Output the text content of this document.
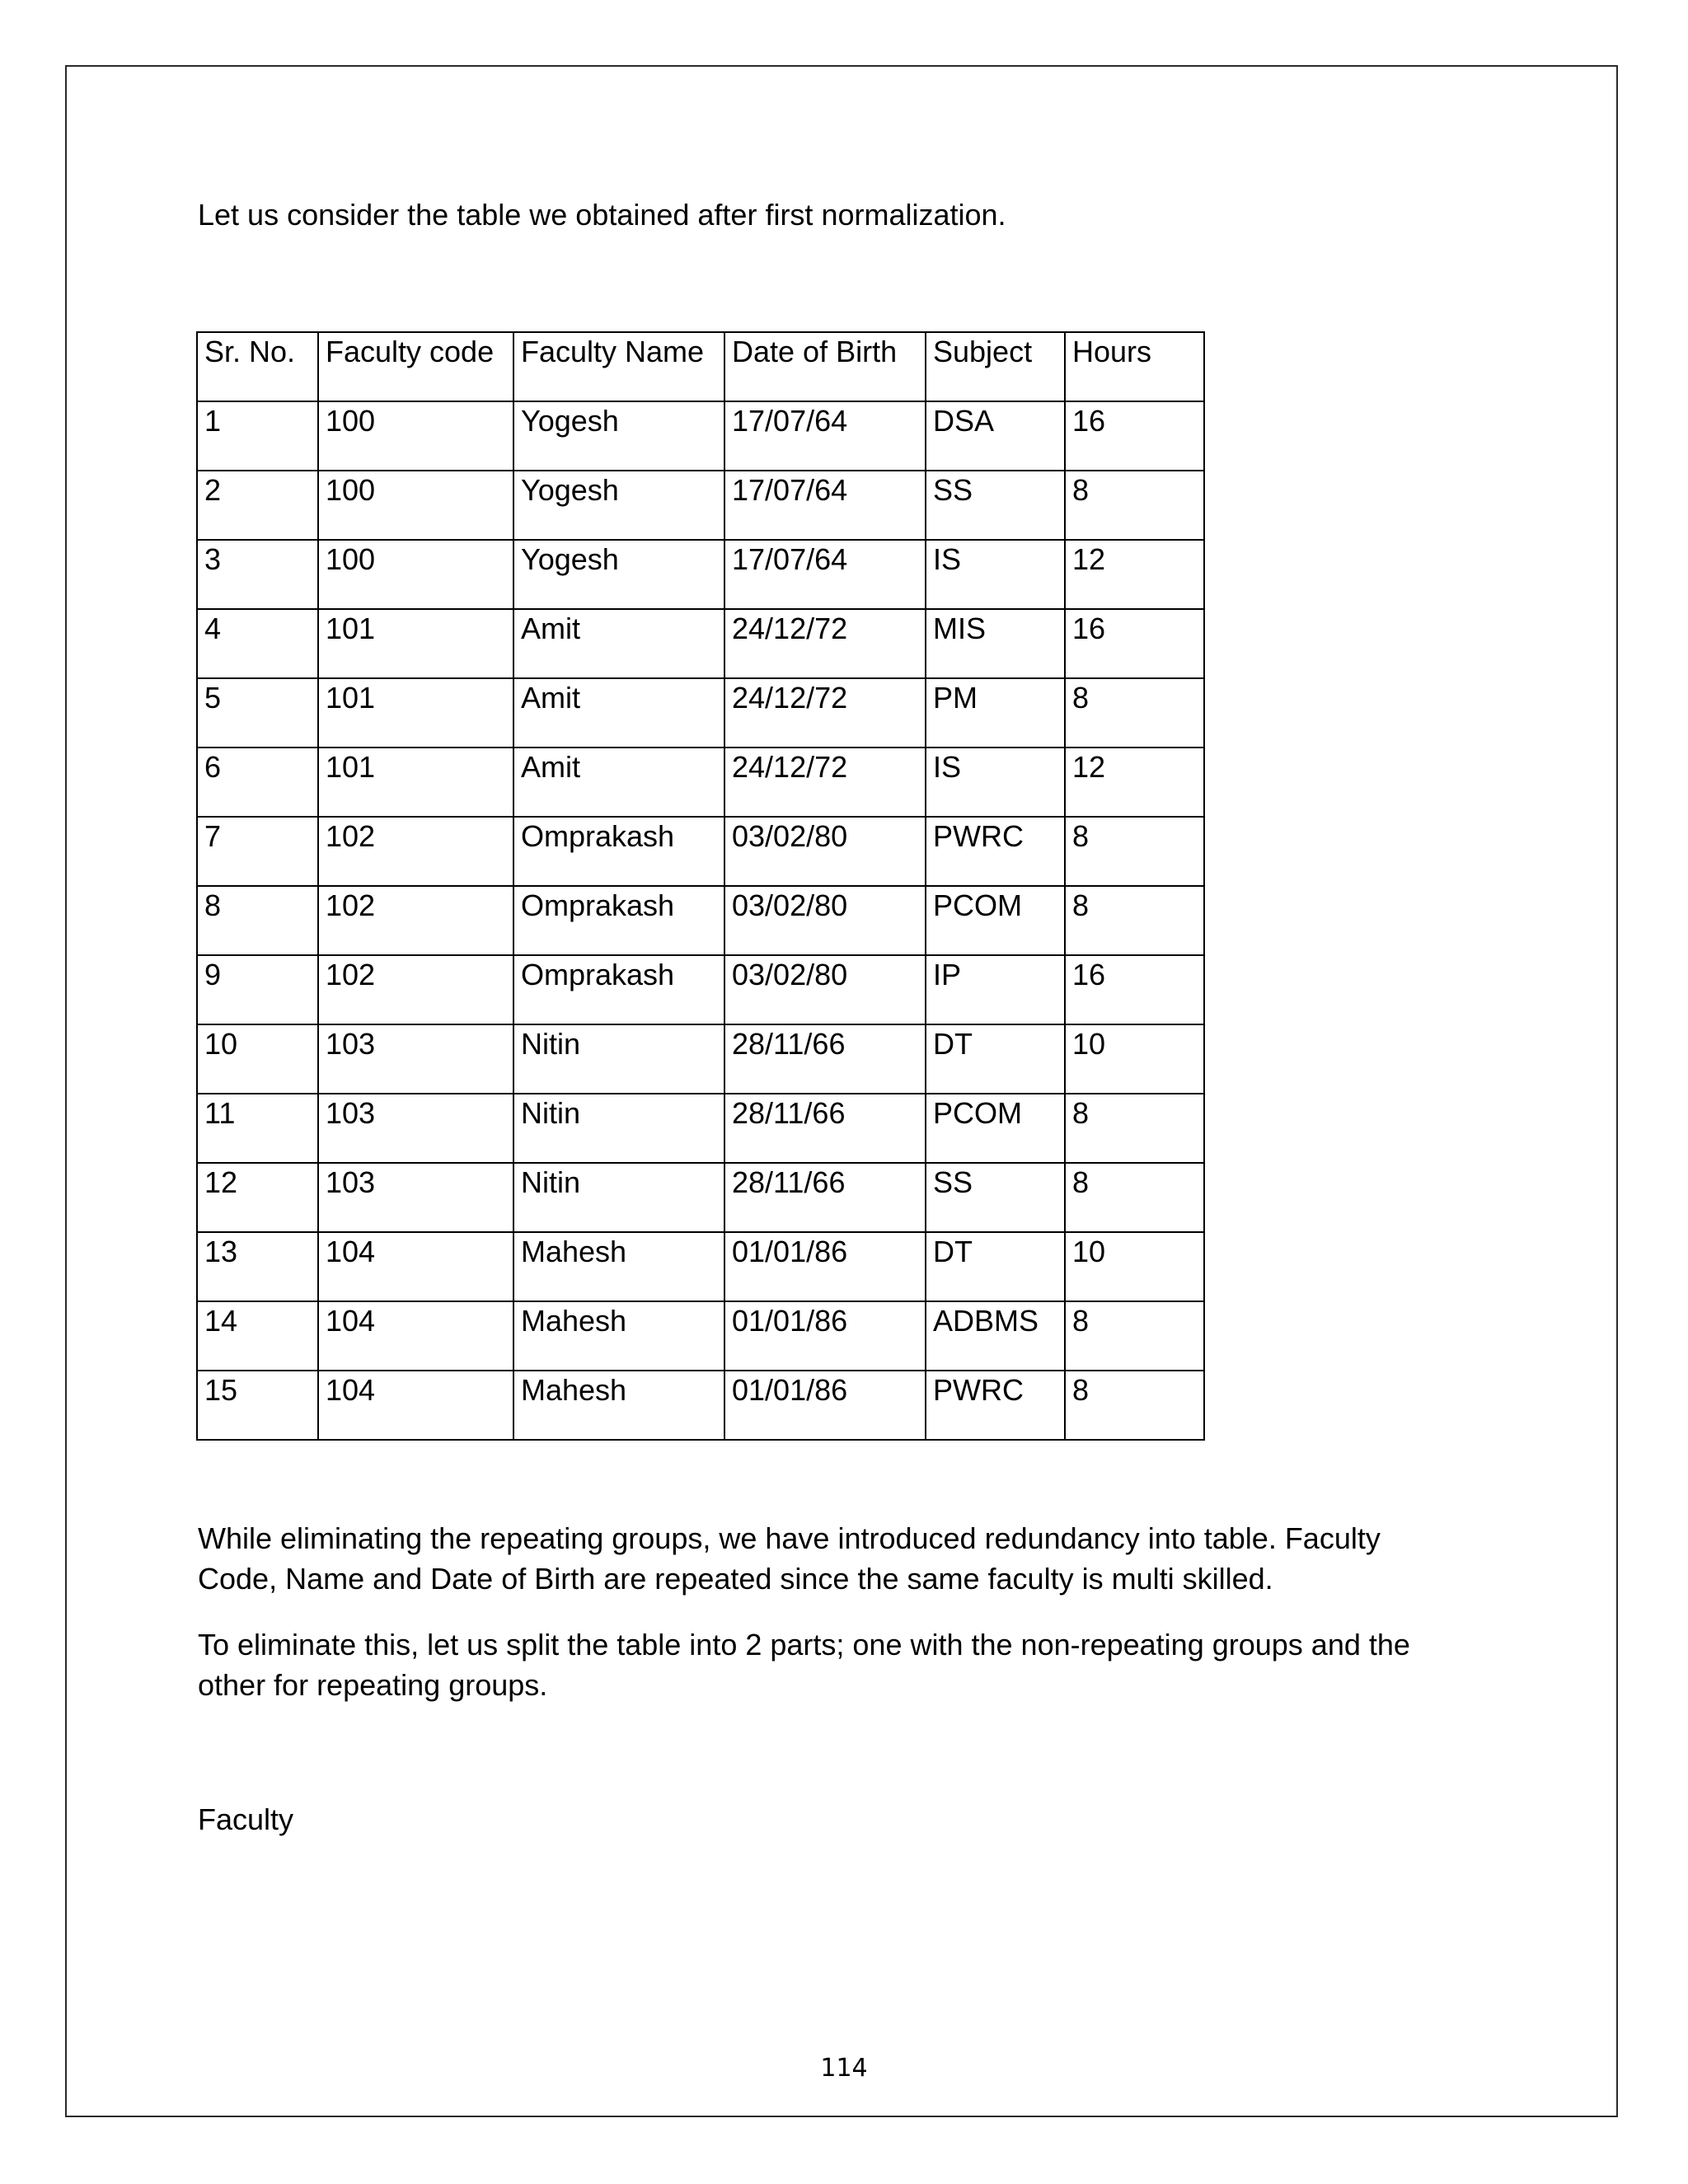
Let us consider the table we obtained after first normalization.

Sr. No.	Faculty code	Faculty Name	Date of Birth	Subject	Hours
1	100	Yogesh	17/07/64	DSA	16
2	100	Yogesh	17/07/64	SS	8
3	100	Yogesh	17/07/64	IS	12
4	101	Amit	24/12/72	MIS	16
5	101	Amit	24/12/72	PM	8
6	101	Amit	24/12/72	IS	12
7	102	Omprakash	03/02/80	PWRC	8
8	102	Omprakash	03/02/80	PCOM	8
9	102	Omprakash	03/02/80	IP	16
10	103	Nitin	28/11/66	DT	10
11	103	Nitin	28/11/66	PCOM	8
12	103	Nitin	28/11/66	SS	8
13	104	Mahesh	01/01/86	DT	10
14	104	Mahesh	01/01/86	ADBMS	8
15	104	Mahesh	01/01/86	PWRC	8

While eliminating the repeating groups, we have introduced redundancy into table. Faculty
Code, Name and Date of Birth are repeated since the same faculty is multi skilled.

To eliminate this, let us split the table into 2 parts; one with the non-repeating groups and the
other for repeating groups.

Faculty

114
